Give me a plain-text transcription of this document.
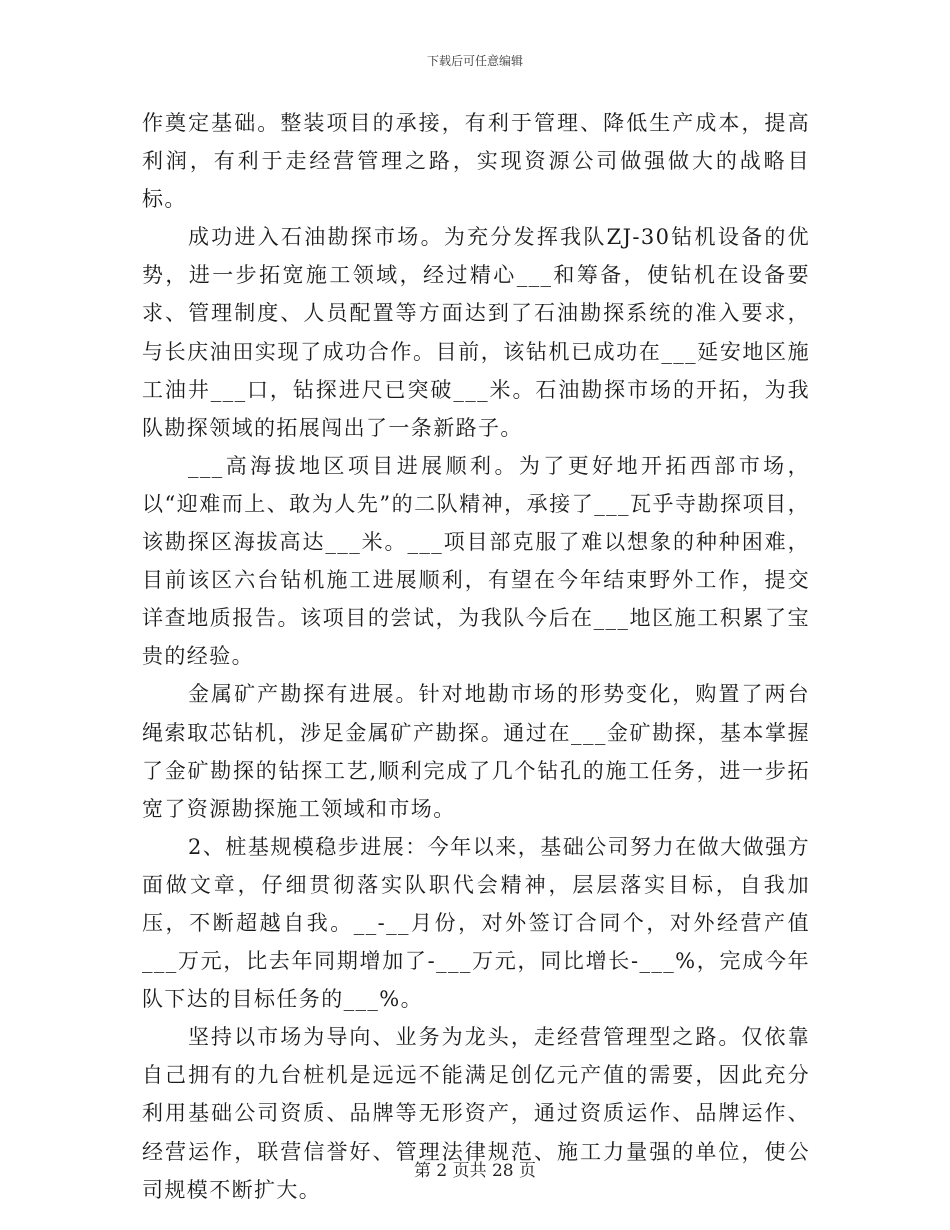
下载后可任意编辑

作奠定基础。整装项目的承接，有利于管理、降低生产成本，提高利润，有利于走经营管理之路，实现资源公司做强做大的战略目标。

成功进入石油勘探市场。为充分发挥我队ZJ-30钻机设备的优势，进一步拓宽施工领域，经过精心___和筹备，使钻机在设备要求、管理制度、人员配置等方面达到了石油勘探系统的准入要求，与长庆油田实现了成功合作。目前，该钻机已成功在___延安地区施工油井___口，钻探进尺已突破___米。石油勘探市场的开拓，为我队勘探领域的拓展闯出了一条新路子。

___高海拔地区项目进展顺利。为了更好地开拓西部市场，以“迎难而上、敢为人先”的二队精神，承接了___瓦乎寺勘探项目，该勘探区海拔高达___米。___项目部克服了难以想象的种种困难，目前该区六台钻机施工进展顺利，有望在今年结束野外工作，提交详查地质报告。该项目的尝试，为我队今后在___地区施工积累了宝贵的经验。

金属矿产勘探有进展。针对地勘市场的形势变化，购置了两台绳索取芯钻机，涉足金属矿产勘探。通过在___金矿勘探，基本掌握了金矿勘探的钻探工艺,顺利完成了几个钻孔的施工任务，进一步拓宽了资源勘探施工领域和市场。

2、桩基规模稳步进展：今年以来，基础公司努力在做大做强方面做文章，仔细贯彻落实队职代会精神，层层落实目标，自我加压，不断超越自我。__-__月份，对外签订合同个，对外经营产值___万元，比去年同期增加了-___万元，同比增长-___%，完成今年队下达的目标任务的___%。

坚持以市场为导向、业务为龙头，走经营管理型之路。仅依靠自己拥有的九台桩机是远远不能满足创亿元产值的需要，因此充分利用基础公司资质、品牌等无形资产，通过资质运作、品牌运作、经营运作，联营信誉好、管理法律规范、施工力量强的单位，使公司规模不断扩大。

第 2 页共 28 页
